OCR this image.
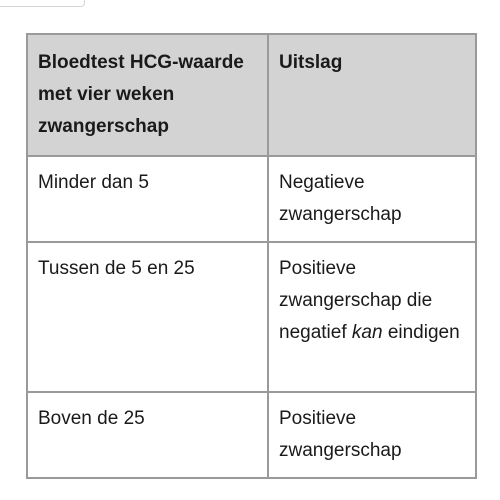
Bloedtest HCG-waarde met vier weken zwangerschap	Uitslag
Minder dan 5	Negatieve zwangerschap
Tussen de 5 en 25	Positieve zwangerschap die negatief kan eindigen
Boven de 25	Positieve zwangerschap
